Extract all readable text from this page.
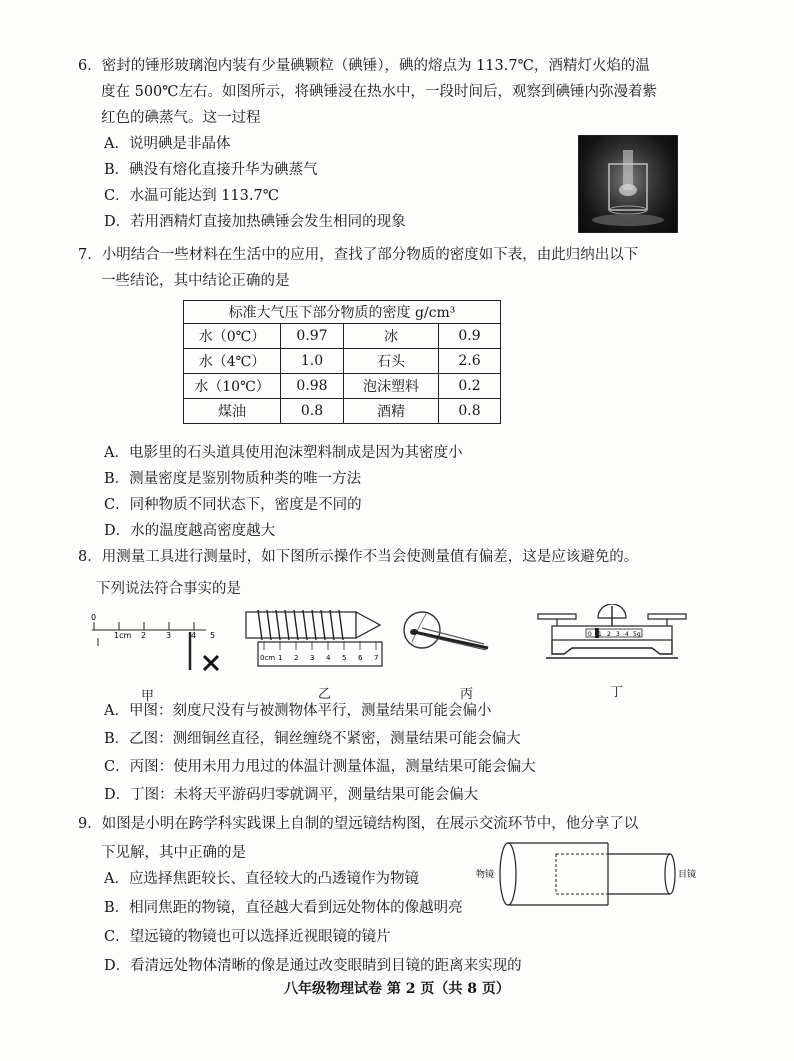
6．密封的锤形玻璃泡内装有少量碘颗粒（碘锤），碘的熔点为 113.7℃，酒精灯火焰的温
度在 500℃左右。如图所示，将碘锤浸在热水中，一段时间后，观察到碘锤内弥漫着紫
红色的碘蒸气。这一过程
A．说明碘是非晶体
B．碘没有熔化直接升华为碘蒸气
C．水温可能达到 113.7℃
D．若用酒精灯直接加热碘锤会发生相同的现象
7．小明结合一些材料在生活中的应用，查找了部分物质的密度如下表，由此归纳出以下
一些结论，其中结论正确的是
标准大气压下部分物质的密度 g/cm³			
水（0℃）	0.97	冰	0.9
水（4℃）	1.0	石头	2.6
水（10℃）	0.98	泡沫塑料	0.2
煤油	0.8	酒精	0.8
A．电影里的石头道具使用泡沫塑料制成是因为其密度小
B．测量密度是鉴别物质种类的唯一方法
C．同种物质不同状态下，密度是不同的
D．水的温度越高密度越大
8．用测量工具进行测量时，如下图所示操作不当会使测量值有偏差，这是应该避免的。
下列说法符合事实的是
0
1cm 2 3 4 5
0cm 1 2 3 4 5 6 7
0 1 2 3 4 5g
甲	乙	丙	丁
A．甲图：刻度尺没有与被测物体平行，测量结果可能会偏小
B．乙图：测细铜丝直径，铜丝缠绕不紧密，测量结果可能会偏大
C．丙图：使用未用力甩过的体温计测量体温，测量结果可能会偏大
D．丁图：未将天平游码归零就调平，测量结果可能会偏大
9．如图是小明在跨学科实践课上自制的望远镜结构图，在展示交流环节中，他分享了以
下见解，其中正确的是
物镜	目镜
A．应选择焦距较长、直径较大的凸透镜作为物镜
B．相同焦距的物镜，直径越大看到远处物体的像越明亮
C．望远镜的物镜也可以选择近视眼镜的镜片
D．看清远处物体清晰的像是通过改变眼睛到目镜的距离来实现的
八年级物理试卷 第 2 页（共 8 页）
